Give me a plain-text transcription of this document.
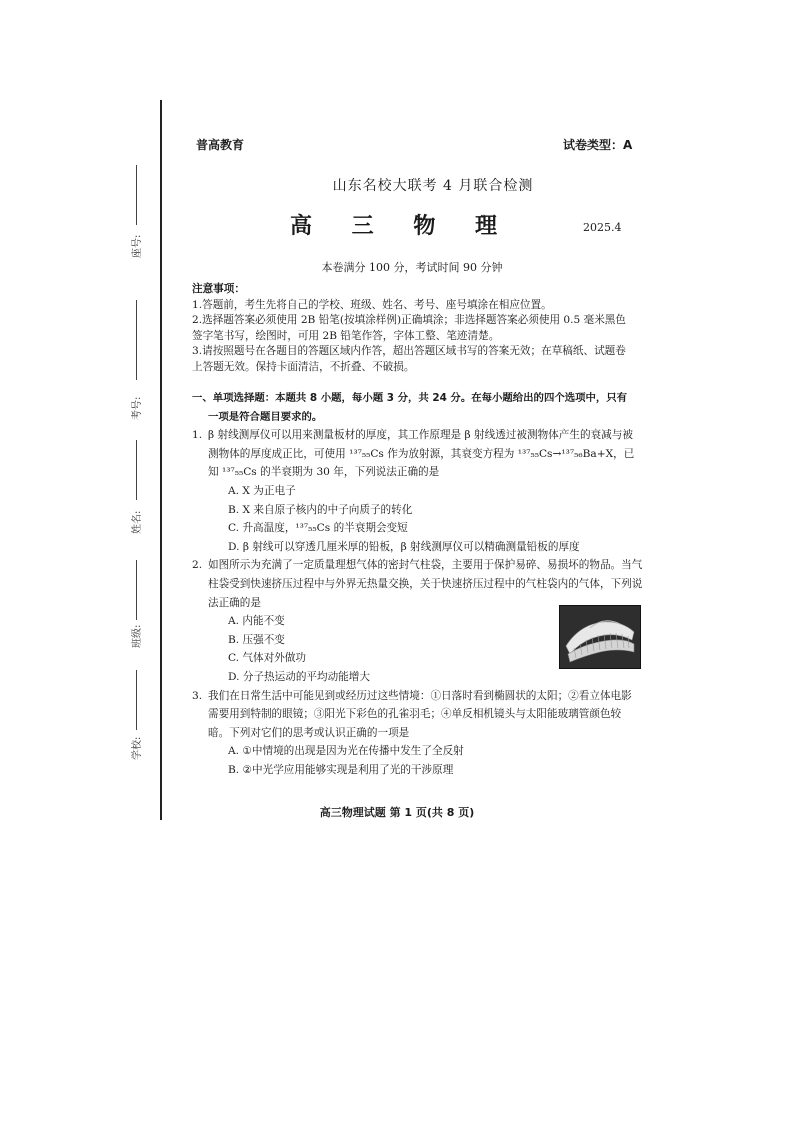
座号:
考号:
姓名:
班级:
学校:
普高教育	试卷类型：A
山东名校大联考 4 月联合检测
高 三 物 理	2025.4
本卷满分 100 分，考试时间 90 分钟
注意事项：
1.答题前，考生先将自己的学校、班级、姓名、考号、座号填涂在相应位置。
2.选择题答案必须使用 2B 铅笔(按填涂样例)正确填涂；非选择题答案必须使用 0.5 毫米黑色签字笔书写，绘图时，可用 2B 铅笔作答，字体工整、笔迹清楚。
3.请按照题号在各题目的答题区域内作答，超出答题区域书写的答案无效；在草稿纸、试题卷上答题无效。保持卡面清洁，不折叠、不破损。
一、单项选择题：本题共 8 小题，每小题 3 分，共 24 分。在每小题给出的四个选项中，只有
一项是符合题目要求的。
1. β 射线测厚仪可以用来测量板材的厚度，其工作原理是 β 射线透过被测物体产生的衰减与被测物体的厚度成正比，可使用 ¹³⁷₅₅Cs 作为放射源，其衰变方程为 ¹³⁷₅₅Cs→¹³⁷₅₆Ba+X，已知 ¹³⁷₅₅Cs 的半衰期为 30 年，下列说法正确的是
A. X 为正电子
B. X 来自原子核内的中子向质子的转化
C. 升高温度，¹³⁷₅₅Cs 的半衰期会变短
D. β 射线可以穿透几厘米厚的铅板，β 射线测厚仪可以精确测量铅板的厚度
2. 如图所示为充满了一定质量理想气体的密封气柱袋，主要用于保护易碎、易损坏的物品。当气柱袋受到快速挤压过程中与外界无热量交换，关于快速挤压过程中的气柱袋内的气体，下列说法正确的是
A. 内能不变
B. 压强不变
C. 气体对外做功
D. 分子热运动的平均动能增大
3. 我们在日常生活中可能见到或经历过这些情境：①日落时看到椭圆状的太阳；②看立体电影需要用到特制的眼镜；③阳光下彩色的孔雀羽毛；④单反相机镜头与太阳能玻璃管颜色较暗。下列对它们的思考或认识正确的一项是
A. ①中情境的出现是因为光在传播中发生了全反射
B. ②中光学应用能够实现是利用了光的干涉原理
高三物理试题 第 1 页(共 8 页)
